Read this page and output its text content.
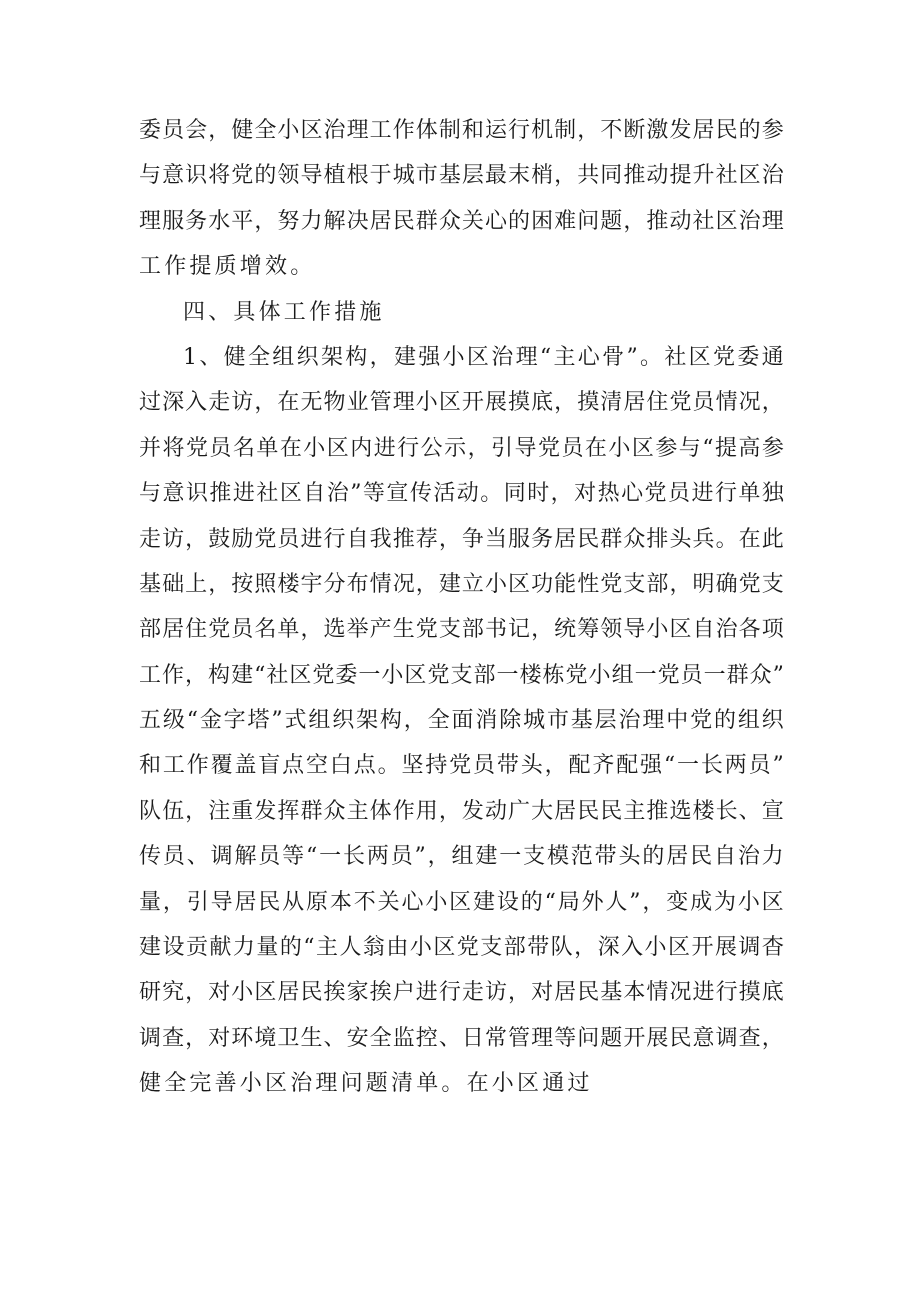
委 员 会 ， 健 全 小 区 治 理 工 作 体 制 和 运 行 机 制 ， 不 断 激 发 居 民 的 参
与 意 识 将 党 的 领 导 植 根 于 城 市 基 层 最 末 梢 ， 共 同 推 动 提 升 社 区 治
理 服 务 水 平 ， 努 力 解 决 居 民 群 众 关 心 的 困 难 问 题 ， 推 动 社 区 治 理
工作提质增效。
四、具体工作措施
1 、 健 全 组 织 架 构 ， 建 强 小 区 治 理 “ 主 心 骨 ” 。 社 区 党 委 通
过 深 入 走 访 ， 在 无 物 业 管 理 小 区 开 展 摸 底 ， 摸 清 居 住 党 员 情 况 ，
并 将 党 员 名 单 在 小 区 内 进 行 公 示 ， 引 导 党 员 在 小 区 参 与 “ 提 高 参
与 意 识 推 进 社 区 自 治 ” 等 宣 传 活 动 。 同 时 ， 对 热 心 党 员 进 行 单 独
走 访 ， 鼓 励 党 员 进 行 自 我 推 荐 ， 争 当 服 务 居 民 群 众 排 头 兵 。 在 此
基 础 上 ， 按 照 楼 宇 分 布 情 况 ， 建 立 小 区 功 能 性 党 支 部 ， 明 确 党 支
部 居 住 党 员 名 单 ， 选 举 产 生 党 支 部 书 记 ， 统 筹 领 导 小 区 自 治 各 项
工 作 ， 构 建 “ 社 区 党 委 一 小 区 党 支 部 一 楼 栋 党 小 组 一 党 员 一 群 众 ”
五 级 “ 金 字 塔 ” 式 组 织 架 构 ， 全 面 消 除 城 市 基 层 治 理 中 党 的 组 织
和 工 作 覆 盖 盲 点 空 白 点 。 坚 持 党 员 带 头 ， 配 齐 配 强 “ 一 长 两 员 ”
队 伍 ， 注 重 发 挥 群 众 主 体 作 用 ， 发 动 广 大 居 民 民 主 推 选 楼 长 、 宣
传 员 、 调 解 员 等 “ 一 长 两 员 ” ， 组 建 一 支 模 范 带 头 的 居 民 自 治 力
量 ， 引 导 居 民 从 原 本 不 关 心 小 区 建 设 的 “ 局 外 人 ” ， 变 成 为 小 区
建 设 贡 献 力 量 的 “ 主 人 翁 由 小 区 党 支 部 带 队 ， 深 入 小 区 开 展 调 杳
研 究 ， 对 小 区 居 民 挨 家 挨 户 进 行 走 访 ， 对 居 民 基 本 情 况 进 行 摸 底
调 查 ， 对 环 境 卫 生 、 安 全 监 控 、 日 常 管 理 等 问 题 开 展 民 意 调 查 ，
健全完善小区治理问题清单。在小区通过
